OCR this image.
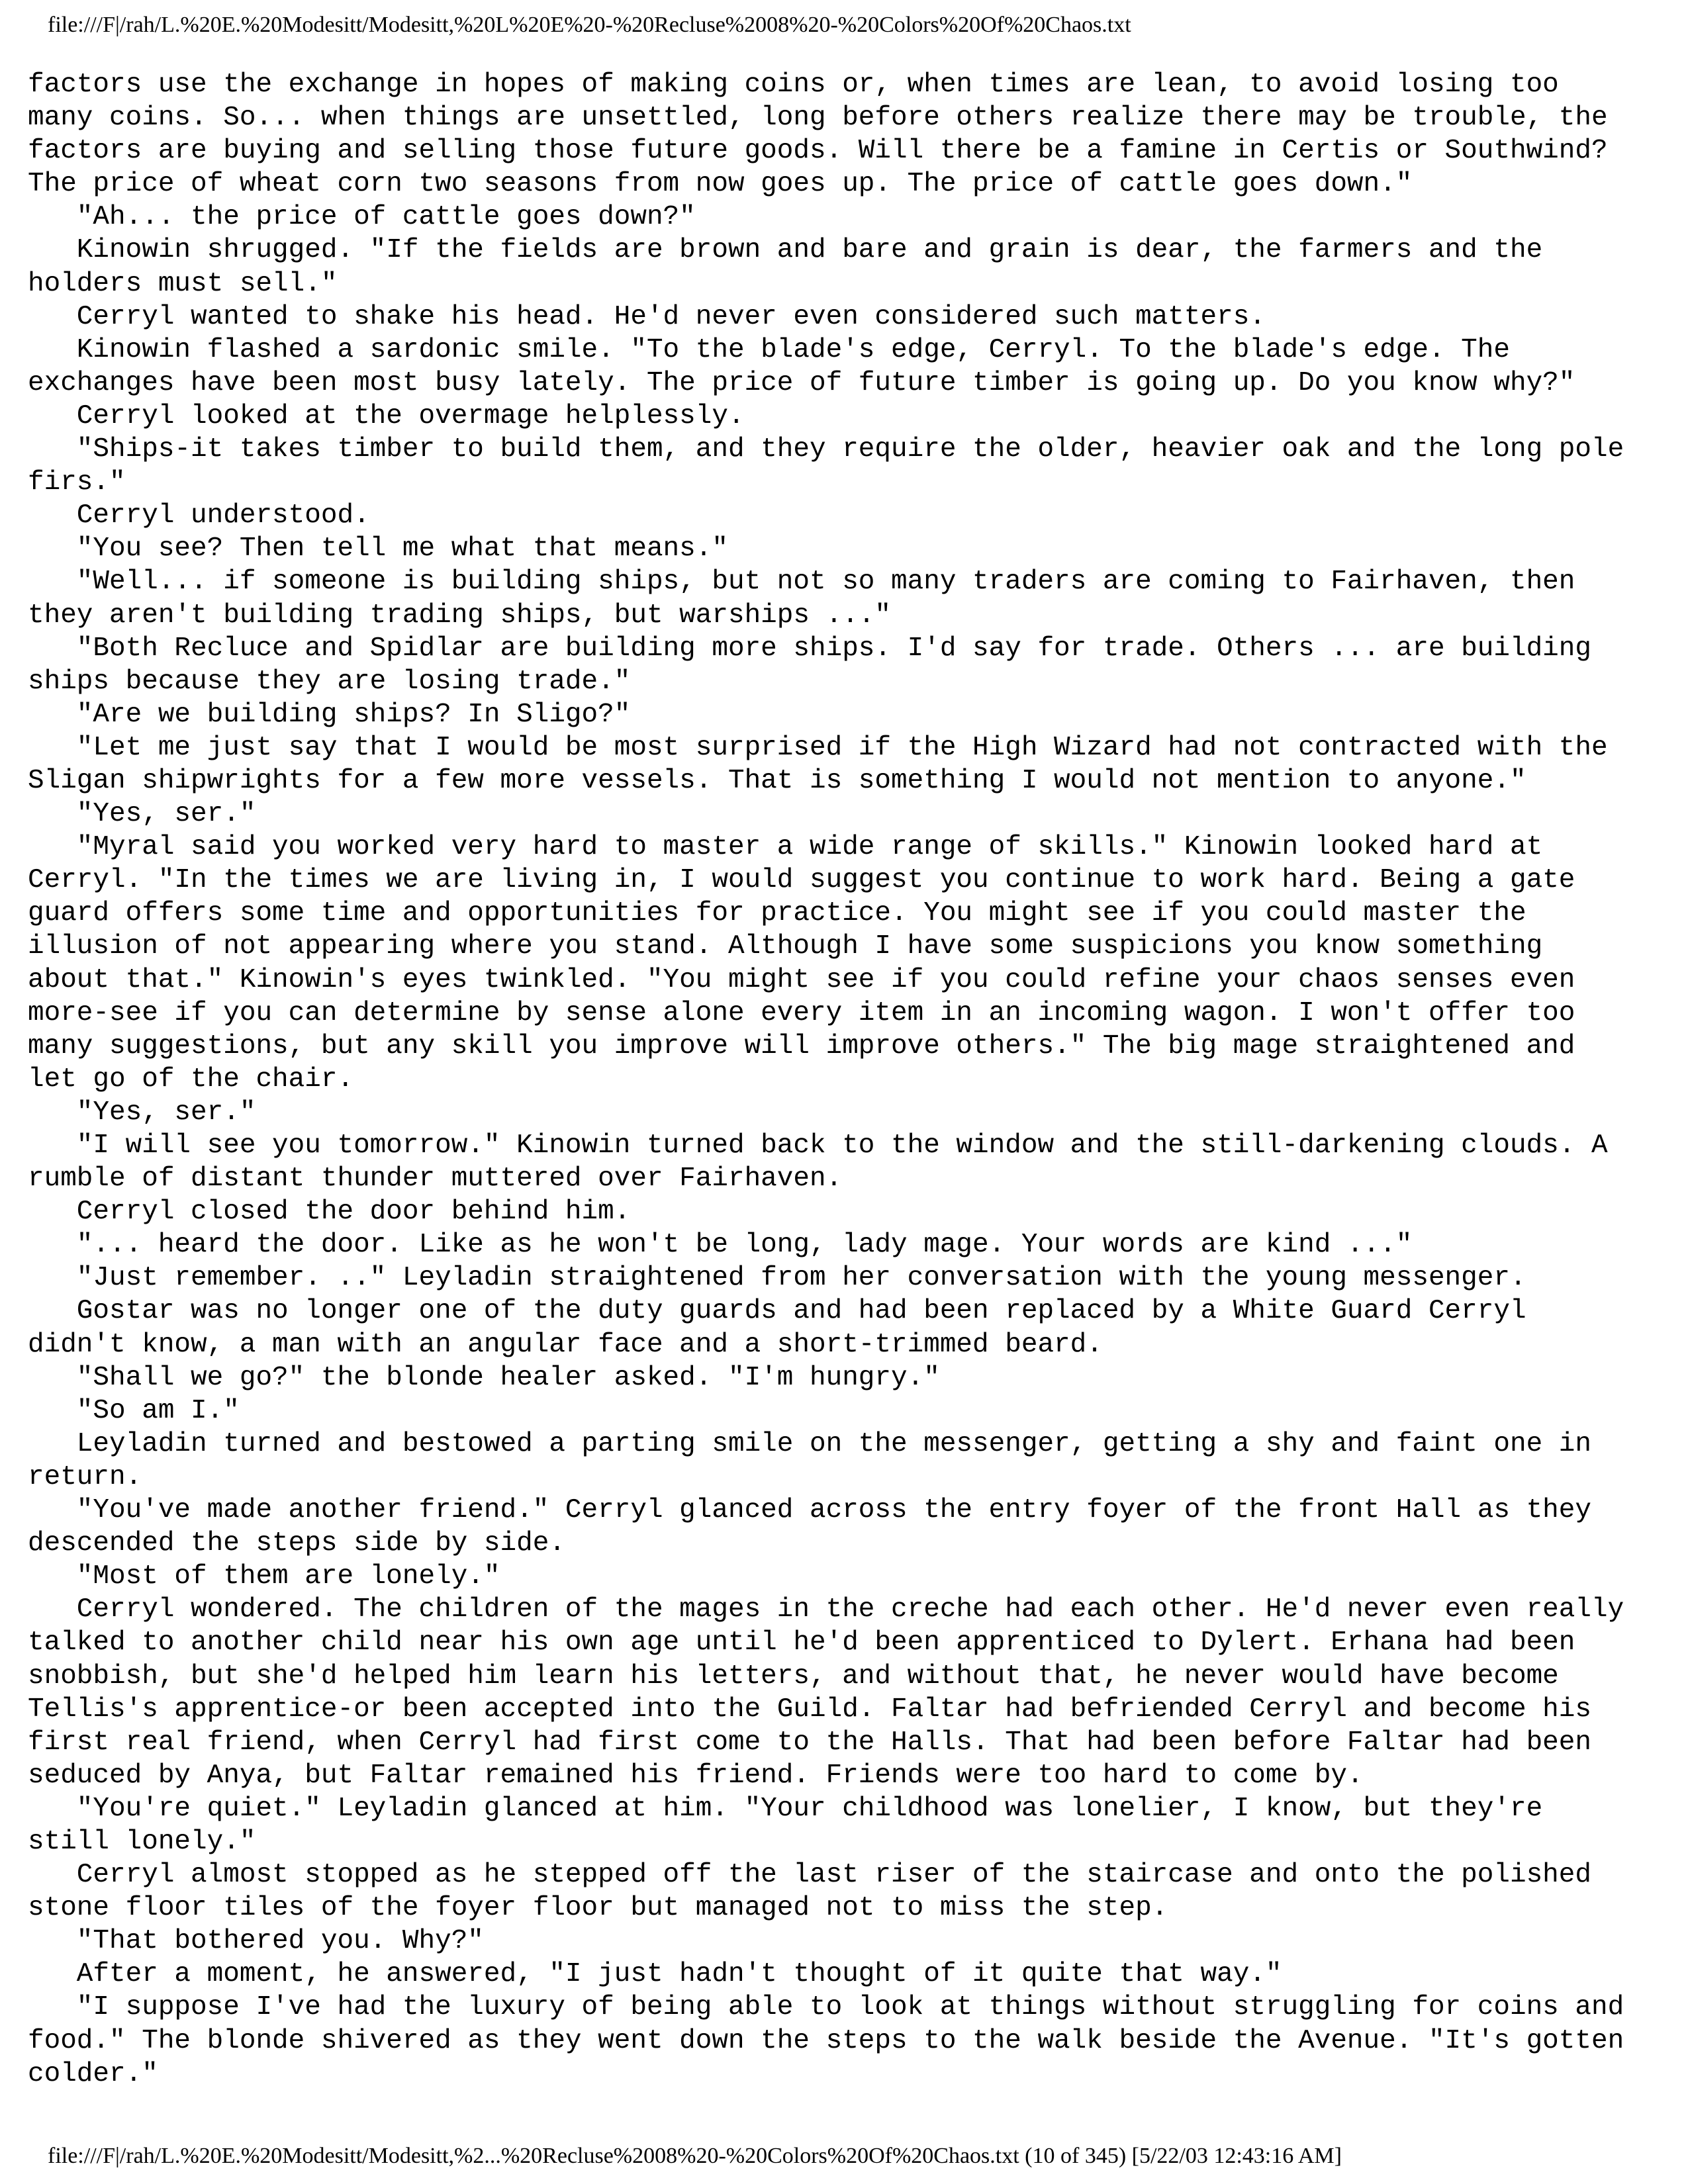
file:///F|/rah/L.%20E.%20Modesitt/Modesitt,%20L%20E%20-%20Recluse%2008%20-%20Colors%20Of%20Chaos.txt
factors use the exchange in hopes of making coins or, when times are lean, to avoid losing too
many coins. So... when things are unsettled, long before others realize there may be trouble, the
factors are buying and selling those future goods. Will there be a famine in Certis or Southwind?
The price of wheat corn two seasons from now goes up. The price of cattle goes down."
"Ah... the price of cattle goes down?"
Kinowin shrugged. "If the fields are brown and bare and grain is dear, the farmers and the
holders must sell."
Cerryl wanted to shake his head. He'd never even considered such matters.
Kinowin flashed a sardonic smile. "To the blade's edge, Cerryl. To the blade's edge. The
exchanges have been most busy lately. The price of future timber is going up. Do you know why?"
Cerryl looked at the overmage helplessly.
"Ships-it takes timber to build them, and they require the older, heavier oak and the long pole
firs."
Cerryl understood.
"You see? Then tell me what that means."
"Well... if someone is building ships, but not so many traders are coming to Fairhaven, then
they aren't building trading ships, but warships ..."
"Both Recluce and Spidlar are building more ships. I'd say for trade. Others ... are building
ships because they are losing trade."
"Are we building ships? In Sligo?"
"Let me just say that I would be most surprised if the High Wizard had not contracted with the
Sligan shipwrights for a few more vessels. That is something I would not mention to anyone."
"Yes, ser."
"Myral said you worked very hard to master a wide range of skills." Kinowin looked hard at
Cerryl. "In the times we are living in, I would suggest you continue to work hard. Being a gate
guard offers some time and opportunities for practice. You might see if you could master the
illusion of not appearing where you stand. Although I have some suspicions you know something
about that." Kinowin's eyes twinkled. "You might see if you could refine your chaos senses even
more-see if you can determine by sense alone every item in an incoming wagon. I won't offer too
many suggestions, but any skill you improve will improve others." The big mage straightened and
let go of the chair.
"Yes, ser."
"I will see you tomorrow." Kinowin turned back to the window and the still-darkening clouds. A
rumble of distant thunder muttered over Fairhaven.
Cerryl closed the door behind him.
"... heard the door. Like as he won't be long, lady mage. Your words are kind ..."
"Just remember. .." Leyladin straightened from her conversation with the young messenger.
Gostar was no longer one of the duty guards and had been replaced by a White Guard Cerryl
didn't know, a man with an angular face and a short-trimmed beard.
"Shall we go?" the blonde healer asked. "I'm hungry."
"So am I."
Leyladin turned and bestowed a parting smile on the messenger, getting a shy and faint one in
return.
"You've made another friend." Cerryl glanced across the entry foyer of the front Hall as they
descended the steps side by side.
"Most of them are lonely."
Cerryl wondered. The children of the mages in the creche had each other. He'd never even really
talked to another child near his own age until he'd been apprenticed to Dylert. Erhana had been
snobbish, but she'd helped him learn his letters, and without that, he never would have become
Tellis's apprentice-or been accepted into the Guild. Faltar had befriended Cerryl and become his
first real friend, when Cerryl had first come to the Halls. That had been before Faltar had been
seduced by Anya, but Faltar remained his friend. Friends were too hard to come by.
"You're quiet." Leyladin glanced at him. "Your childhood was lonelier, I know, but they're
still lonely."
Cerryl almost stopped as he stepped off the last riser of the staircase and onto the polished
stone floor tiles of the foyer floor but managed not to miss the step.
"That bothered you. Why?"
After a moment, he answered, "I just hadn't thought of it quite that way."
"I suppose I've had the luxury of being able to look at things without struggling for coins and
food." The blonde shivered as they went down the steps to the walk beside the Avenue. "It's gotten
colder."
file:///F|/rah/L.%20E.%20Modesitt/Modesitt,%2...%20Recluse%2008%20-%20Colors%20Of%20Chaos.txt (10 of 345) [5/22/03 12:43:16 AM]
